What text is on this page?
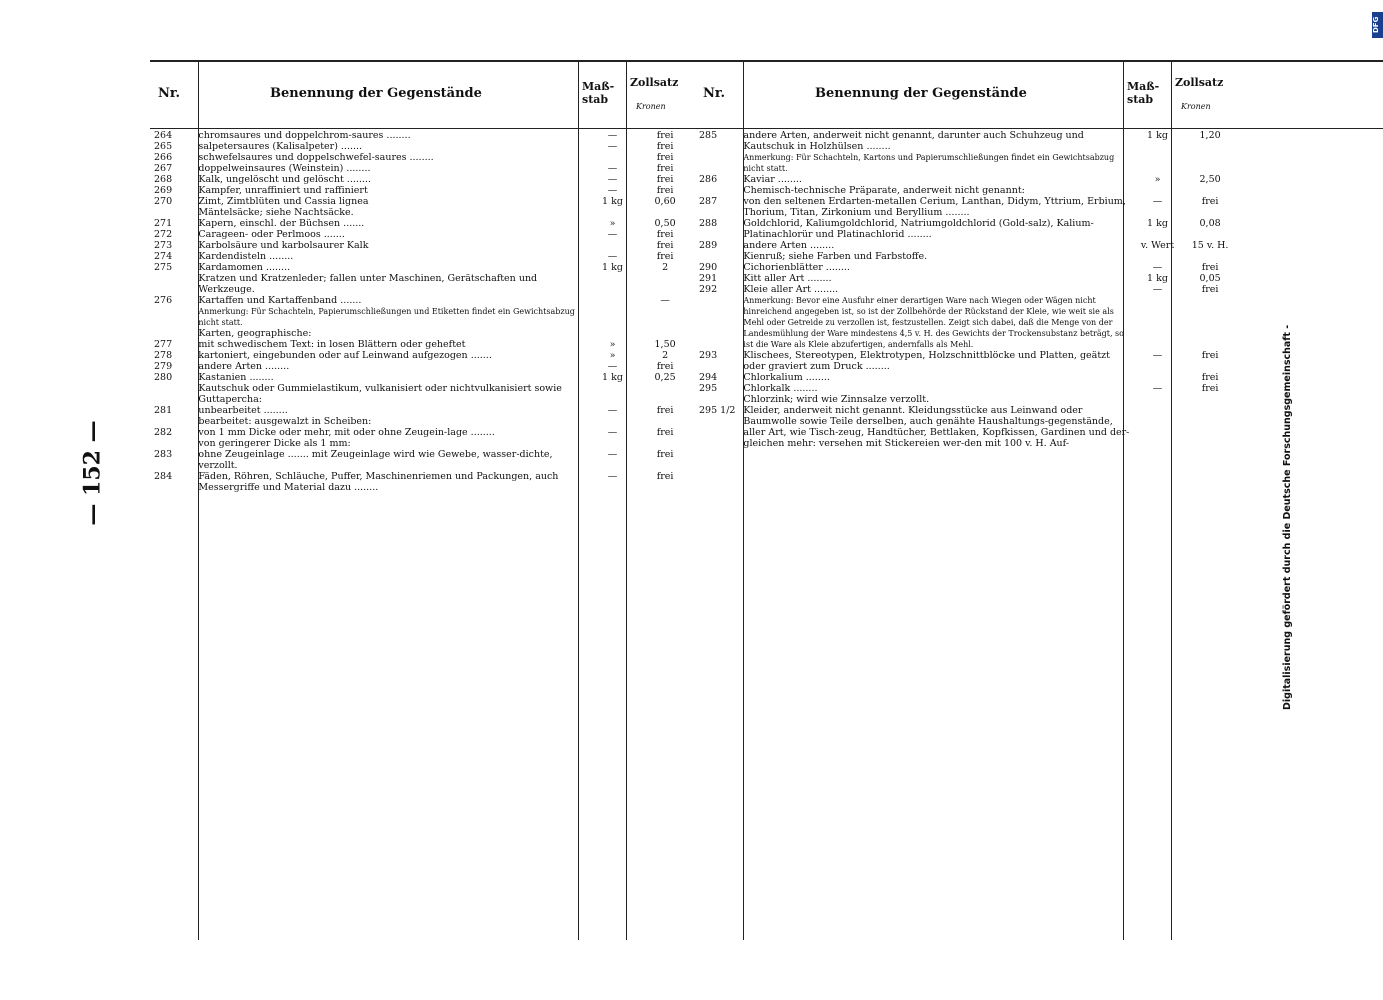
— 152 —
Nr.	Benennung der Gegenstände	Maß-stab
Zollsatz
Kronen
264	chromsaures und doppelchrom-saures ........	—	frei
265	salpetersaures (Kalisalpeter) .......	—	frei
266	schwefelsaures und doppelschwefel-saures ........		frei
267	doppelweinsaures (Weinstein) ........	—	frei
268	Kalk, ungelöscht und gelöscht ........	—	frei
269	Kampfer, unraffiniert und raffiniert	—	frei
270	Zimt, Zimtblüten und Cassia lignea	1 kg	0,60
	Mäntelsäcke; siehe Nachtsäcke.		
271	Kapern, einschl. der Büchsen .......	»	0,50
272	Carageen- oder Perlmoos .......	—	frei
273	Karbolsäure und karbolsaurer Kalk		frei
274	Kardendisteln ........	—	frei
275	Kardamomen ........	1 kg	2
	Kratzen und Kratzenleder; fallen unter Maschinen, Gerätschaften und Werkzeuge.		
276	Kartaffen und Kartaffenband .......		—
	Anmerkung: Für Schachteln, Papierumschließungen und Etiketten findet ein Gewichtsabzug nicht statt.		
	Karten, geographische:		
277	mit schwedischem Text: in losen Blättern oder geheftet	»	1,50
278	kartoniert, eingebunden oder auf Leinwand aufgezogen .......	»	2
279	andere Arten ........	—	frei
280	Kastanien ........	1 kg	0,25
	Kautschuk oder Gummielastikum, vulkanisiert oder nichtvulkanisiert sowie Guttapercha:		
281	unbearbeitet ........	—	frei
	bearbeitet: ausgewalzt in Scheiben:		
282	von 1 mm Dicke oder mehr, mit oder ohne Zeugein-lage ........	—	frei
	von geringerer Dicke als 1 mm:		
283	ohne Zeugeinlage ....... mit Zeugeinlage wird wie Gewebe, wasser-dichte, verzollt.	—	frei
284	Fäden, Röhren, Schläuche, Puffer, Maschinenriemen und Packungen, auch Messergriffe und Material dazu ........	—	frei
Nr.	Benennung der Gegenstände	Maß-stab
Zollsatz
Kronen
285	andere Arten, anderweit nicht genannt, darunter auch Schuhzeug und Kautschuk in Holzhülsen ........	1 kg	1,20
	Anmerkung: Für Schachteln, Kartons und Papierumschließungen findet ein Gewichtsabzug nicht statt.		
286	Kaviar ........	»	2,50
	Chemisch-technische Präparate, anderweit nicht genannt:		
287	von den seltenen Erdarten-metallen Cerium, Lanthan, Didym, Yttrium, Erbium, Thorium, Titan, Zirkonium und Beryllium ........	—	frei
288	Goldchlorid, Kaliumgoldchlorid, Natriumgoldchlorid (Gold-salz), Kalium-Platinachlorür und Platinachlorid ........	1 kg	0,08
289	andere Arten ........	v. Wert	15 v. H.
	Kienruß; siehe Farben und Farbstoffe.		
290	Cichorienblätter ........	—	frei
291	Kitt aller Art ........	1 kg	0,05
292	Kleie aller Art ........	—	frei
	Anmerkung: Bevor eine Ausfuhr einer derartigen Ware nach Wiegen oder Wägen nicht hinreichend angegeben ist, so ist der Zollbehörde der Rückstand der Kleie, wie weit sie als Mehl oder Getreide zu verzollen ist, festzustellen. Zeigt sich dabei, daß die Menge von der Landesmühlung der Ware mindestens 4,5 v. H. des Gewichts der Trockensubstanz beträgt, so ist die Ware als Kleie abzufertigen, andernfalls als Mehl.		
293	Klischees, Stereotypen, Elektrotypen, Holzschnittblöcke und Platten, geätzt oder graviert zum Druck ........	—	frei
294	Chlorkalium ........		frei
295	Chlorkalk ........	—	frei
	Chlorzink; wird wie Zinnsalze verzollt.		
295 1/2	Kleider, anderweit nicht genannt. Kleidungsstücke aus Leinwand oder Baumwolle sowie Teile derselben, auch genähte Haushaltungs-gegenstände, aller Art, wie Tisch-zeug, Handtücher, Bettlaken, Kopfkissen, Gardinen und der-gleichen mehr: versehen mit Stickereien wer-den mit 100 v. H. Auf-			Digitalisierung gefördert durch die Deutsche Forschungsgemeinschaft -
DFG
